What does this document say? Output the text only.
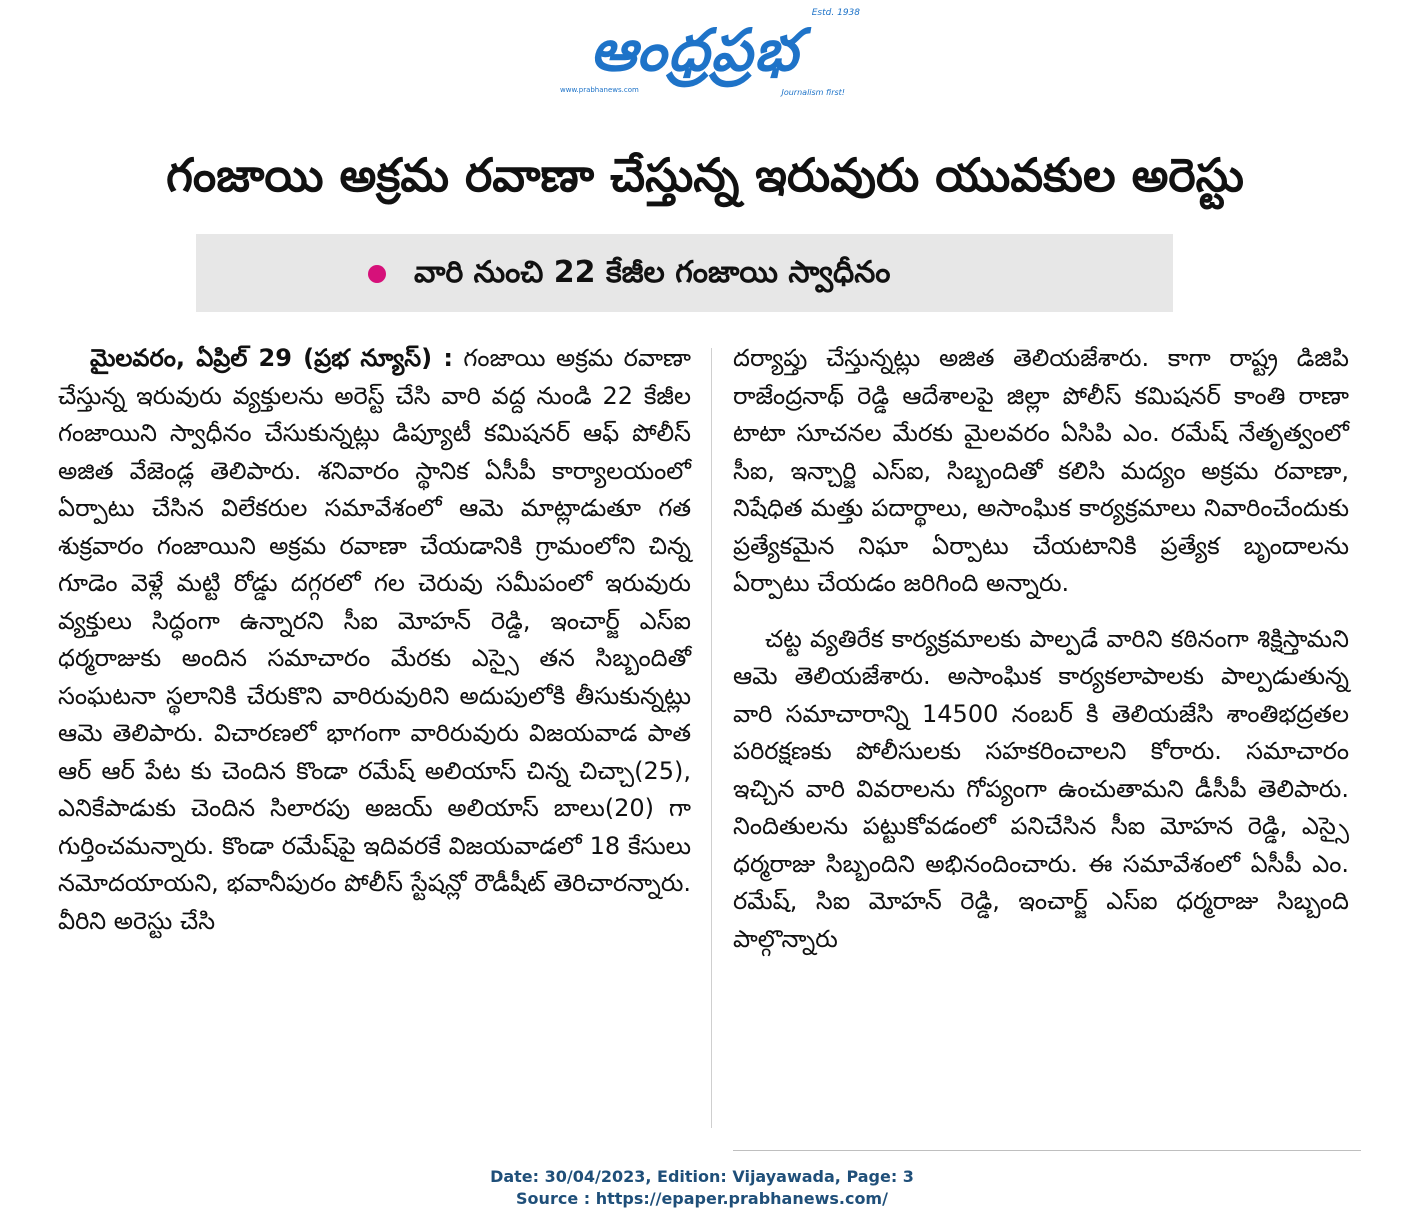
Estd. 1938
ఆంధ్రప్రభ
www.prabhanews.com	Journalism first!
గంజాయి అక్రమ రవాణా చేస్తున్న ఇరువురు యువకుల అరెస్టు
వారి నుంచి 22 కేజీల గంజాయి స్వాధీనం

మైలవరం, ఏప్రిల్ 29 (ప్రభ న్యూస్) : గంజాయి అక్రమ రవాణా చేస్తున్న ఇరువురు వ్యక్తులను అరెస్ట్ చేసి వారి వద్ద నుండి 22 కేజీల గంజాయిని స్వాధీనం చేసుకున్నట్లు డిప్యూటీ కమిషనర్ ఆఫ్ పోలీస్ అజిత వేజెండ్ల తెలిపారు. శనివారం స్థానిక ఏసీపీ కార్యాలయంలో ఏర్పాటు చేసిన విలేకరుల సమావేశంలో ఆమె మాట్లాడుతూ గత శుక్రవారం గంజాయిని అక్రమ రవాణా చేయడానికి గ్రామంలోని చిన్న గూడెం వెళ్లే మట్టి రోడ్డు దగ్గరలో గల చెరువు సమీపంలో ఇరువురు వ్యక్తులు సిద్ధంగా ఉన్నారని సీఐ మోహన్ రెడ్డి, ఇంచార్జ్ ఎస్ఐ ధర్మరాజుకు అందిన సమాచారం మేరకు ఎస్సై తన సిబ్బందితో సంఘటనా స్థలానికి చేరుకొని వారిరువురిని అదుపులోకి తీసుకున్నట్లు ఆమె తెలిపారు. విచారణలో భాగంగా వారిరువురు విజయవాడ పాత ఆర్ ఆర్ పేట కు చెందిన కొండా రమేష్ అలియాస్ చిన్న చిచ్చా(25), ఎనికేపాడుకు చెందిన సిలారపు అజయ్ అలియాస్ బాలు(20) గా గుర్తించమన్నారు. కొండా రమేష్‌పై ఇదివరకే విజయవాడలో 18 కేసులు నమోదయాయని, భవానీపురం పోలీస్ స్టేషన్లో రౌడీషీట్ తెరిచారన్నారు. వీరిని అరెస్టు చేసి

దర్యాప్తు చేస్తున్నట్లు అజిత తెలియజేశారు. కాగా రాష్ట్ర డిజిపి రాజేంద్రనాథ్ రెడ్డి ఆదేశాలపై జిల్లా పోలీస్ కమిషనర్ కాంతి రాణా టాటా సూచనల మేరకు మైలవరం ఏసిపి ఎం. రమేష్ నేతృత్వంలో సీఐ, ఇన్చార్జి ఎస్ఐ, సిబ్బందితో కలిసి మద్యం అక్రమ రవాణా, నిషేధిత మత్తు పదార్థాలు, అసాంఘిక కార్యక్రమాలు నివారించేందుకు ప్రత్యేకమైన నిఘా ఏర్పాటు చేయటానికి ప్రత్యేక బృందాలను ఏర్పాటు చేయడం జరిగింది అన్నారు.

చట్ట వ్యతిరేక కార్యక్రమాలకు పాల్పడే వారిని కఠినంగా శిక్షిస్తామని ఆమె తెలియజేశారు. అసాంఘిక కార్యకలాపాలకు పాల్పడుతున్న వారి సమాచారాన్ని 14500 నంబర్ కి తెలియజేసి శాంతిభద్రతల పరిరక్షణకు పోలీసులకు సహకరించాలని కోరారు. సమాచారం ఇచ్చిన వారి వివరాలను గోప్యంగా ఉంచుతామని డీసీపీ తెలిపారు. నిందితులను పట్టుకోవడంలో పనిచేసిన సీఐ మోహన రెడ్డి, ఎస్సై ధర్మరాజు సిబ్బందిని అభినందించారు. ఈ సమావేశంలో ఏసీపీ ఎం. రమేష్, సిఐ మోహన్ రెడ్డి, ఇంచార్జ్ ఎస్ఐ ధర్మరాజు సిబ్బంది పాల్గొన్నారు

Date: 30/04/2023, Edition: Vijayawada, Page: 3
Source : https://epaper.prabhanews.com/
